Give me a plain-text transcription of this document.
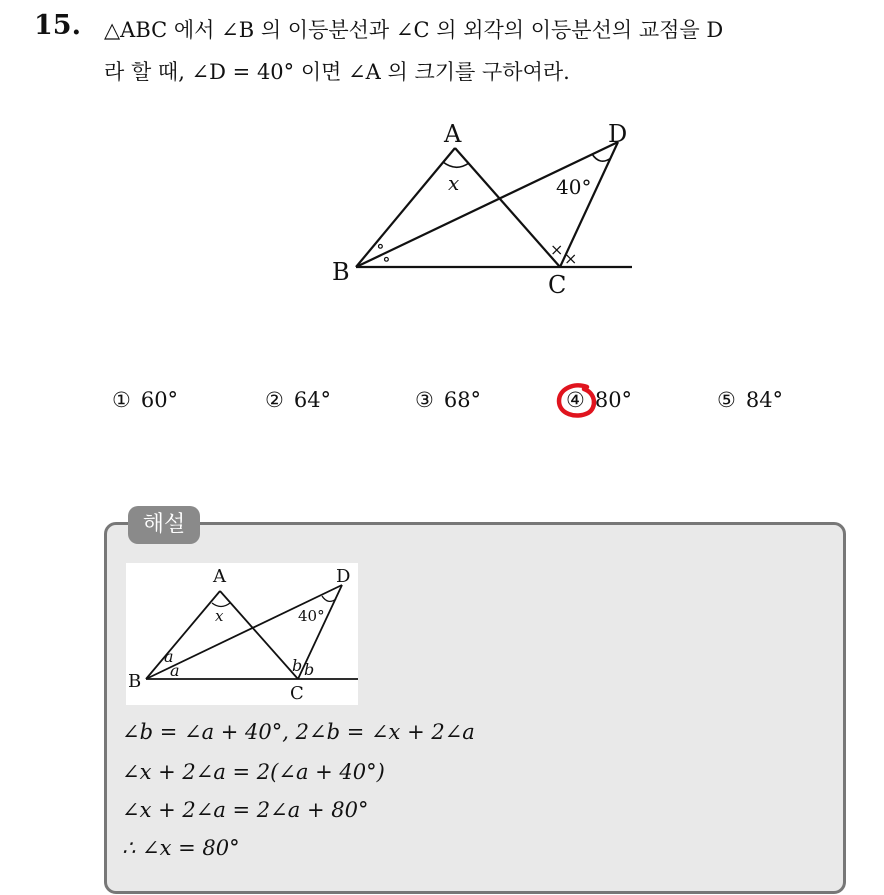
15. △ABC 에서 ∠B 의 이등분선과 ∠C 의 외각의 이등분선의 교점을 D
라 할 때, ∠D = 40° 이면 ∠A 의 크기를 구하여라.
A
B	C
D
x	40°
∘
∘	× ×
① 60°	② 64°	③ 68°	④ 80°	⑤ 84°
해설
A
B
C
D
x	40°
a
a	b b
∠b = ∠a + 40°, 2∠b = ∠x + 2∠a
∠x + 2∠a = 2(∠a + 40°)
∠x + 2∠a = 2∠a + 80°
∴ ∠x = 80°
